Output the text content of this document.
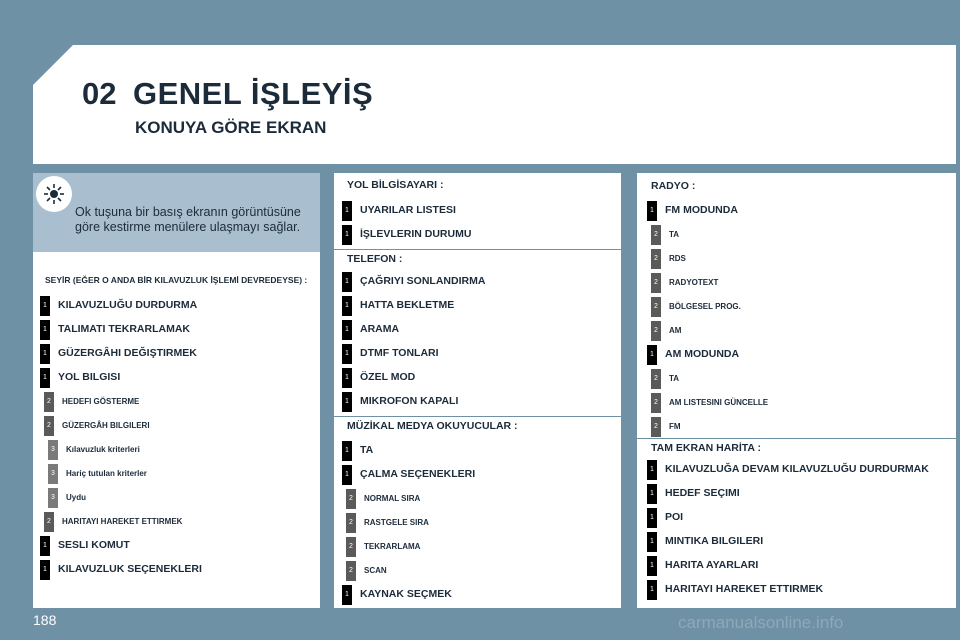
02 GENEL İŞLEYİŞ
KONUYA GÖRE EKRAN
Ok tuşuna bir basış ekranın görüntüsüne göre kestirme menülere ulaşmayı sağlar.
SEYİR (EĞER O ANDA BİR KILAVUZLUK İŞLEMİ DEVREDEYSE) :
1 KILAVUZLUĞU DURDURMA
1 TALIMATI TEKRARLAMAK
1 GÜZERGÂHI DEĞIŞTIRMEK
1 YOL BILGISI
2	HEDEFI GÖSTERME
2	GÜZERGÂH BILGILERI
3	Kılavuzluk kriterleri
3	Hariç tutulan kriterler
3	Uydu
2	HARITAYI HAREKET ETTIRMEK
1 SESLI KOMUT
1 KILAVUZLUK SEÇENEKLERI
YOL BİLGİSAYARI :
1 UYARILAR LISTESI
1 İŞLEVLERIN DURUMU
TELEFON :
1 ÇAĞRIYI SONLANDIRMA
1 HATTA BEKLETME
1 ARAMA
1 DTMF TONLARI
1 ÖZEL MOD
1 MIKROFON KAPALI
MÜZİKAL MEDYA OKUYUCULAR :
1 TA
1 ÇALMA SEÇENEKLERI
2	NORMAL SIRA
2	RASTGELE SIRA
2	TEKRARLAMA
2	SCAN
1 KAYNAK SEÇMEK
RADYO :
1 FM MODUNDA
2	TA
2	RDS
2	RADYOTEXT
2	BÖLGESEL PROG.
2	AM
1 AM MODUNDA
2	TA
2	AM LISTESINI GÜNCELLE
2	FM
TAM EKRAN HARİTA :
1 KILAVUZLUĞA DEVAM KILAVUZLUĞU DURDURMAK
1 HEDEF SEÇIMI
1 POI
1 MINTIKA BILGILERI
1 HARITA AYARLARI
1 HARITAYI HAREKET ETTIRMEK
188	carmanualsonline.info
